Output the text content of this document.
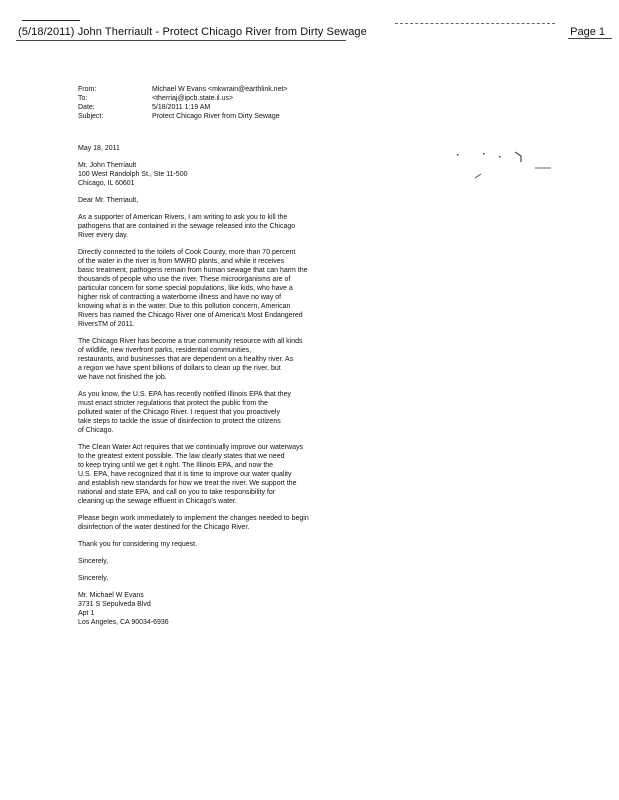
(5/18/2011) John Therriault - Protect Chicago River from Dirty Sewage	Page 1
From:	Michael W Evans <mkwrain@earthlink.net>
To:	<therriaj@ipcb.state.il.us>
Date:	5/18/2011 1:19 AM
Subject:	Protect Chicago River from Dirty Sewage

May 18, 2011

Mr. John Therriault
100 West Randolph St., Ste 11-500
Chicago, IL 60601

Dear Mr. Therriault,

As a supporter of American Rivers, I am writing to ask you to kill the
pathogens that are contained in the sewage released into the Chicago
River every day.

Directly connected to the toilets of Cook County, more than 70 percent
of the water in the river is from MWRD plants, and while it receives
basic treatment, pathogens remain from human sewage that can harm the
thousands of people who use the river. These microorganisms are of
particular concern for some special populations, like kids, who have a
higher risk of contracting a waterborne illness and have no way of
knowing what is in the water. Due to this pollution concern, American
Rivers has named the Chicago River one of America's Most Endangered
RiversTM of 2011.

The Chicago River has become a true community resource with all kinds
of wildlife, new riverfront parks, residential communities,
restaurants, and businesses that are dependent on a healthy river. As
a region we have spent billions of dollars to clean up the river, but
we have not finished the job.

As you know, the U.S. EPA has recently notified Illinois EPA that they
must enact stricter regulations that protect the public from the
polluted water of the Chicago River. I request that you proactively
take steps to tackle the issue of disinfection to protect the citizens
of Chicago.

The Clean Water Act requires that we continually improve our waterways
to the greatest extent possible. The law clearly states that we need
to keep trying until we get it right. The Illinois EPA, and now the
U.S. EPA, have recognized that it is time to improve our water quality
and establish new standards for how we treat the river. We support the
national and state EPA, and call on you to take responsibility for
cleaning up the sewage effluent in Chicago's water.

Please begin work immediately to implement the changes needed to begin
disinfection of the water destined for the Chicago River.

Thank you for considering my request.

Sincerely,

Sincerely,

Mr. Michael W Evans
3731 S Sepulveda Blvd
Apt 1
Los Angeles, CA 90034-6936
